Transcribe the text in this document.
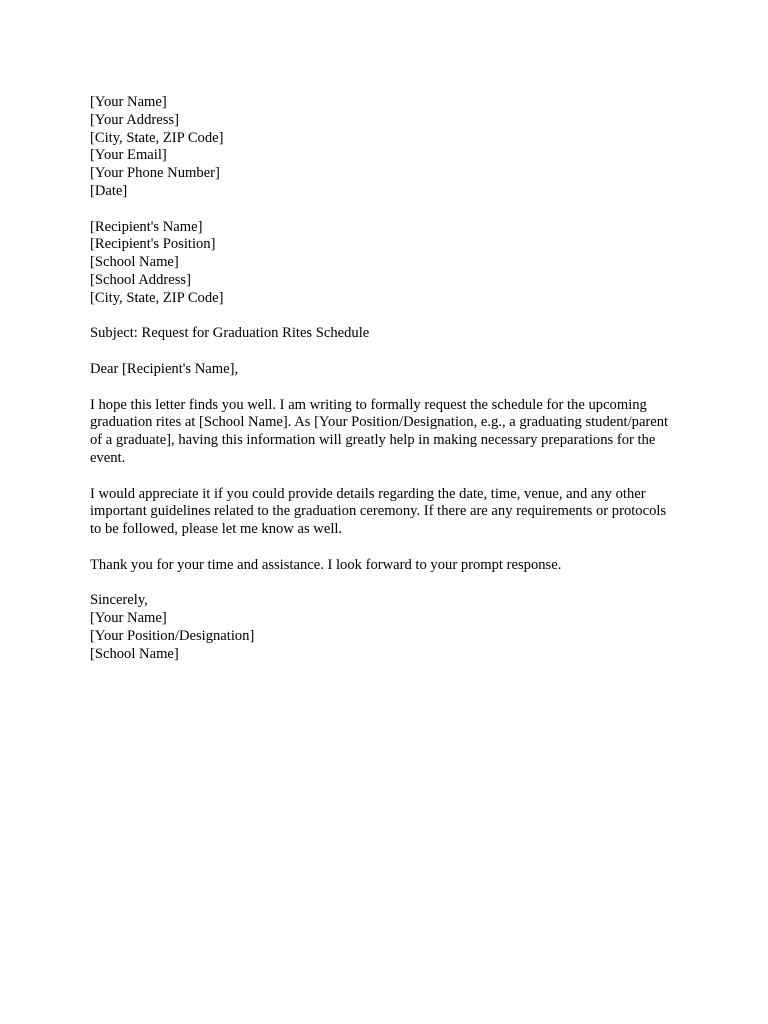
[Your Name]
[Your Address]
[City, State, ZIP Code]
[Your Email]
[Your Phone Number]
[Date]
[Recipient's Name]
[Recipient's Position]
[School Name]
[School Address]
[City, State, ZIP Code]
Subject: Request for Graduation Rites Schedule
Dear [Recipient's Name],
I hope this letter finds you well. I am writing to formally request the schedule for the upcoming graduation rites at [School Name]. As [Your Position/Designation, e.g., a graduating student/parent of a graduate], having this information will greatly help in making necessary preparations for the event.
I would appreciate it if you could provide details regarding the date, time, venue, and any other important guidelines related to the graduation ceremony. If there are any requirements or protocols to be followed, please let me know as well.
Thank you for your time and assistance. I look forward to your prompt response.
Sincerely,
[Your Name]
[Your Position/Designation]
[School Name]
